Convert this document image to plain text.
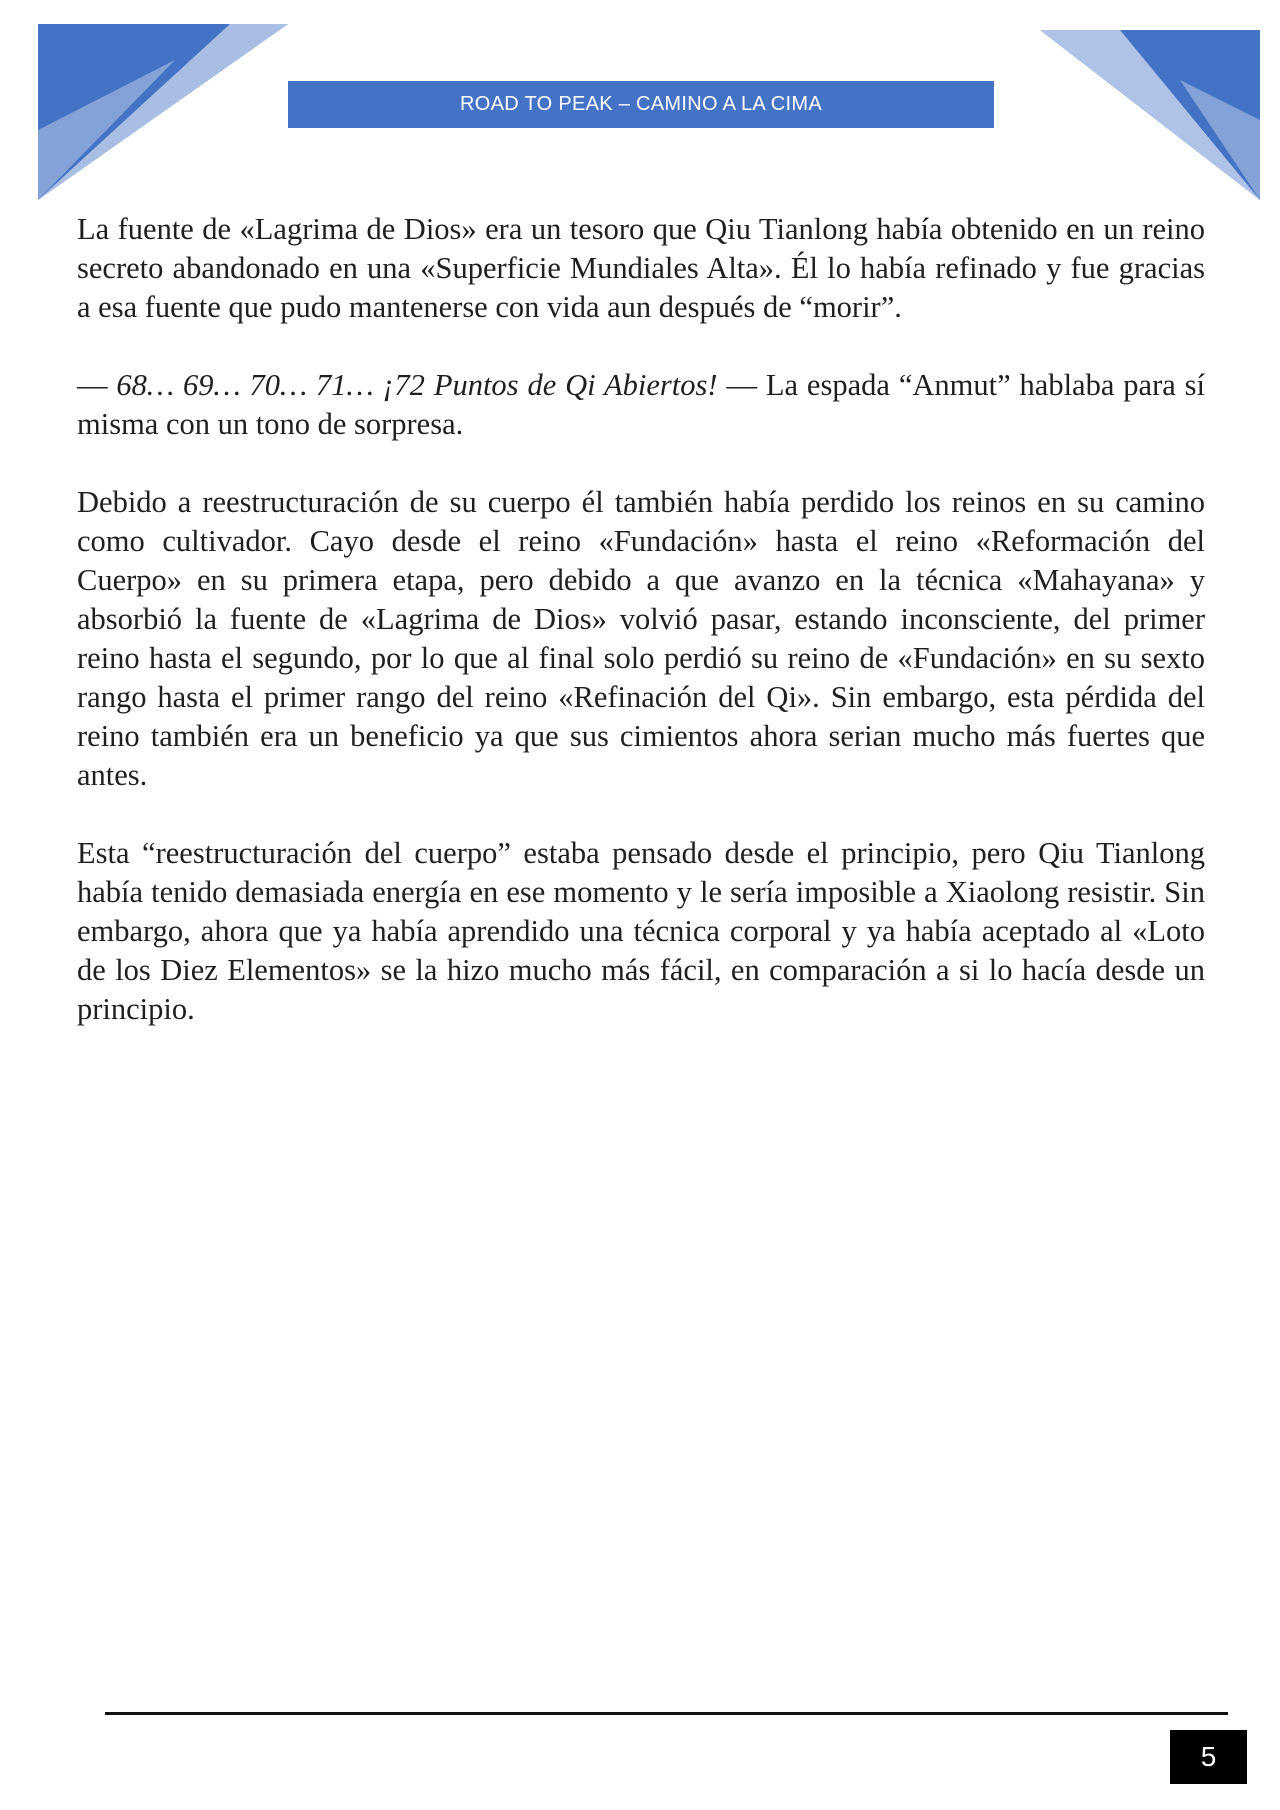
ROAD TO PEAK – CAMINO A LA CIMA

La fuente de «Lagrima de Dios» era un tesoro que Qiu Tianlong había obtenido en un reino secreto abandonado en una «Superficie Mundiales Alta». Él lo había refinado y fue gracias a esa fuente que pudo mantenerse con vida aun después de “morir”.

— 68… 69… 70… 71… ¡72 Puntos de Qi Abiertos! — La espada “Anmut” hablaba para sí misma con un tono de sorpresa.

Debido a reestructuración de su cuerpo él también había perdido los reinos en su camino como cultivador. Cayo desde el reino «Fundación» hasta el reino «Reformación del Cuerpo» en su primera etapa, pero debido a que avanzo en la técnica «Mahayana» y absorbió la fuente de «Lagrima de Dios» volvió pasar, estando inconsciente, del primer reino hasta el segundo, por lo que al final solo perdió su reino de «Fundación» en su sexto rango hasta el primer rango del reino «Refinación del Qi». Sin embargo, esta pérdida del reino también era un beneficio ya que sus cimientos ahora serian mucho más fuertes que antes.

Esta “reestructuración del cuerpo” estaba pensado desde el principio, pero Qiu Tianlong había tenido demasiada energía en ese momento y le sería imposible a Xiaolong resistir. Sin embargo, ahora que ya había aprendido una técnica corporal y ya había aceptado al «Loto de los Diez Elementos» se la hizo mucho más fácil, en comparación a si lo hacía desde un principio.

5
